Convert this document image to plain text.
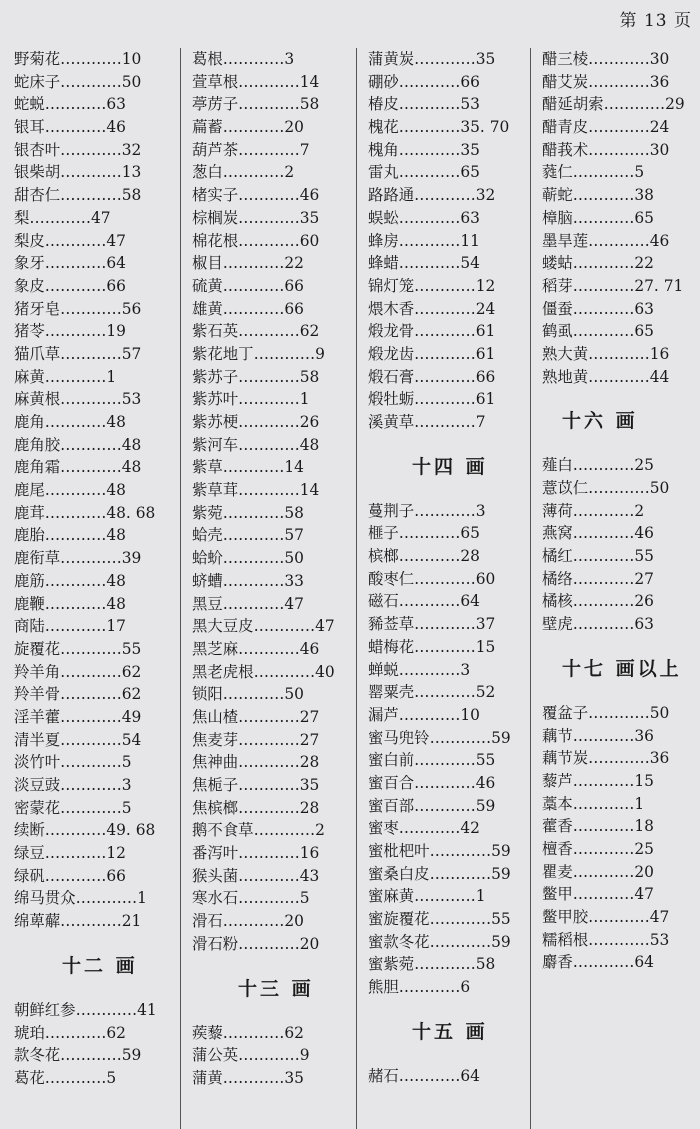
第 13 页
野菊花…………10
蛇床子…………50
蛇蜕…………63
银耳…………46
银杏叶…………32
银柴胡…………13
甜杏仁…………58
梨…………47
梨皮…………47
象牙…………64
象皮…………66
猪牙皂…………56
猪苓…………19
猫爪草…………57
麻黄…………1
麻黄根…………53
鹿角…………48
鹿角胶…………48
鹿角霜…………48
鹿尾…………48
鹿茸…………48. 68
鹿胎…………48
鹿衔草…………39
鹿筋…………48
鹿鞭…………48
商陆…………17
旋覆花…………55
羚羊角…………62
羚羊骨…………62
淫羊藿…………49
清半夏…………54
淡竹叶…………5
淡豆豉…………3
密蒙花…………5
续断…………49. 68
绿豆…………12
绿矾…………66
绵马贯众…………1
绵萆薢…………21
十二 画
朝鲜红参…………41
琥珀…………62
款冬花…………59
葛花…………5
葛根…………3
萱草根…………14
葶苈子…………58
萹蓄…………20
葫芦茶…………7
葱白…………2
楮实子…………46
棕榈炭…………35
棉花根…………60
椒目…………22
硫黄…………66
雄黄…………66
紫石英…………62
紫花地丁…………9
紫苏子…………58
紫苏叶…………1
紫苏梗…………26
紫河车…………48
紫草…………14
紫草茸…………14
紫菀…………58
蛤壳…………57
蛤蚧…………50
蛴螬…………33
黑豆…………47
黑大豆皮…………47
黑芝麻…………46
黑老虎根…………40
锁阳…………50
焦山楂…………27
焦麦芽…………27
焦神曲…………28
焦栀子…………35
焦槟榔…………28
鹅不食草…………2
番泻叶…………16
猴头菌…………43
寒水石…………5
滑石…………20
滑石粉…………20
十三 画
蒺藜…………62
蒲公英…………9
蒲黄…………35
蒲黄炭…………35
硼砂…………66
椿皮…………53
槐花…………35. 70
槐角…………35
雷丸…………65
路路通…………32
蜈蚣…………63
蜂房…………11
蜂蜡…………54
锦灯笼…………12
煨木香…………24
煅龙骨…………61
煅龙齿…………61
煅石膏…………66
煅牡蛎…………61
溪黄草…………7
十四 画
蔓荆子…………3
榧子…………65
槟榔…………28
酸枣仁…………60
磁石…………64
豨莶草…………37
蜡梅花…………15
蝉蜕…………3
罂粟壳…………52
漏芦…………10
蜜马兜铃…………59
蜜白前…………55
蜜百合…………46
蜜百部…………59
蜜枣…………42
蜜枇杷叶…………59
蜜桑白皮…………59
蜜麻黄…………1
蜜旋覆花…………55
蜜款冬花…………59
蜜紫菀…………58
熊胆…………6
十五 画
赭石…………64
醋三棱…………30
醋艾炭…………36
醋延胡索…………29
醋青皮…………24
醋莪术…………30
蕤仁…………5
蕲蛇…………38
樟脑…………65
墨旱莲…………46
蝼蛄…………22
稻芽…………27. 71
僵蚕…………63
鹤虱…………65
熟大黄…………16
熟地黄…………44
十六 画
薤白…………25
薏苡仁…………50
薄荷…………2
燕窝…………46
橘红…………55
橘络…………27
橘核…………26
壁虎…………63
十七 画以上
覆盆子…………50
藕节…………36
藕节炭…………36
藜芦…………15
藁本…………1
藿香…………18
檀香…………25
瞿麦…………20
鳖甲…………47
鳖甲胶…………47
糯稻根…………53
麝香…………64
